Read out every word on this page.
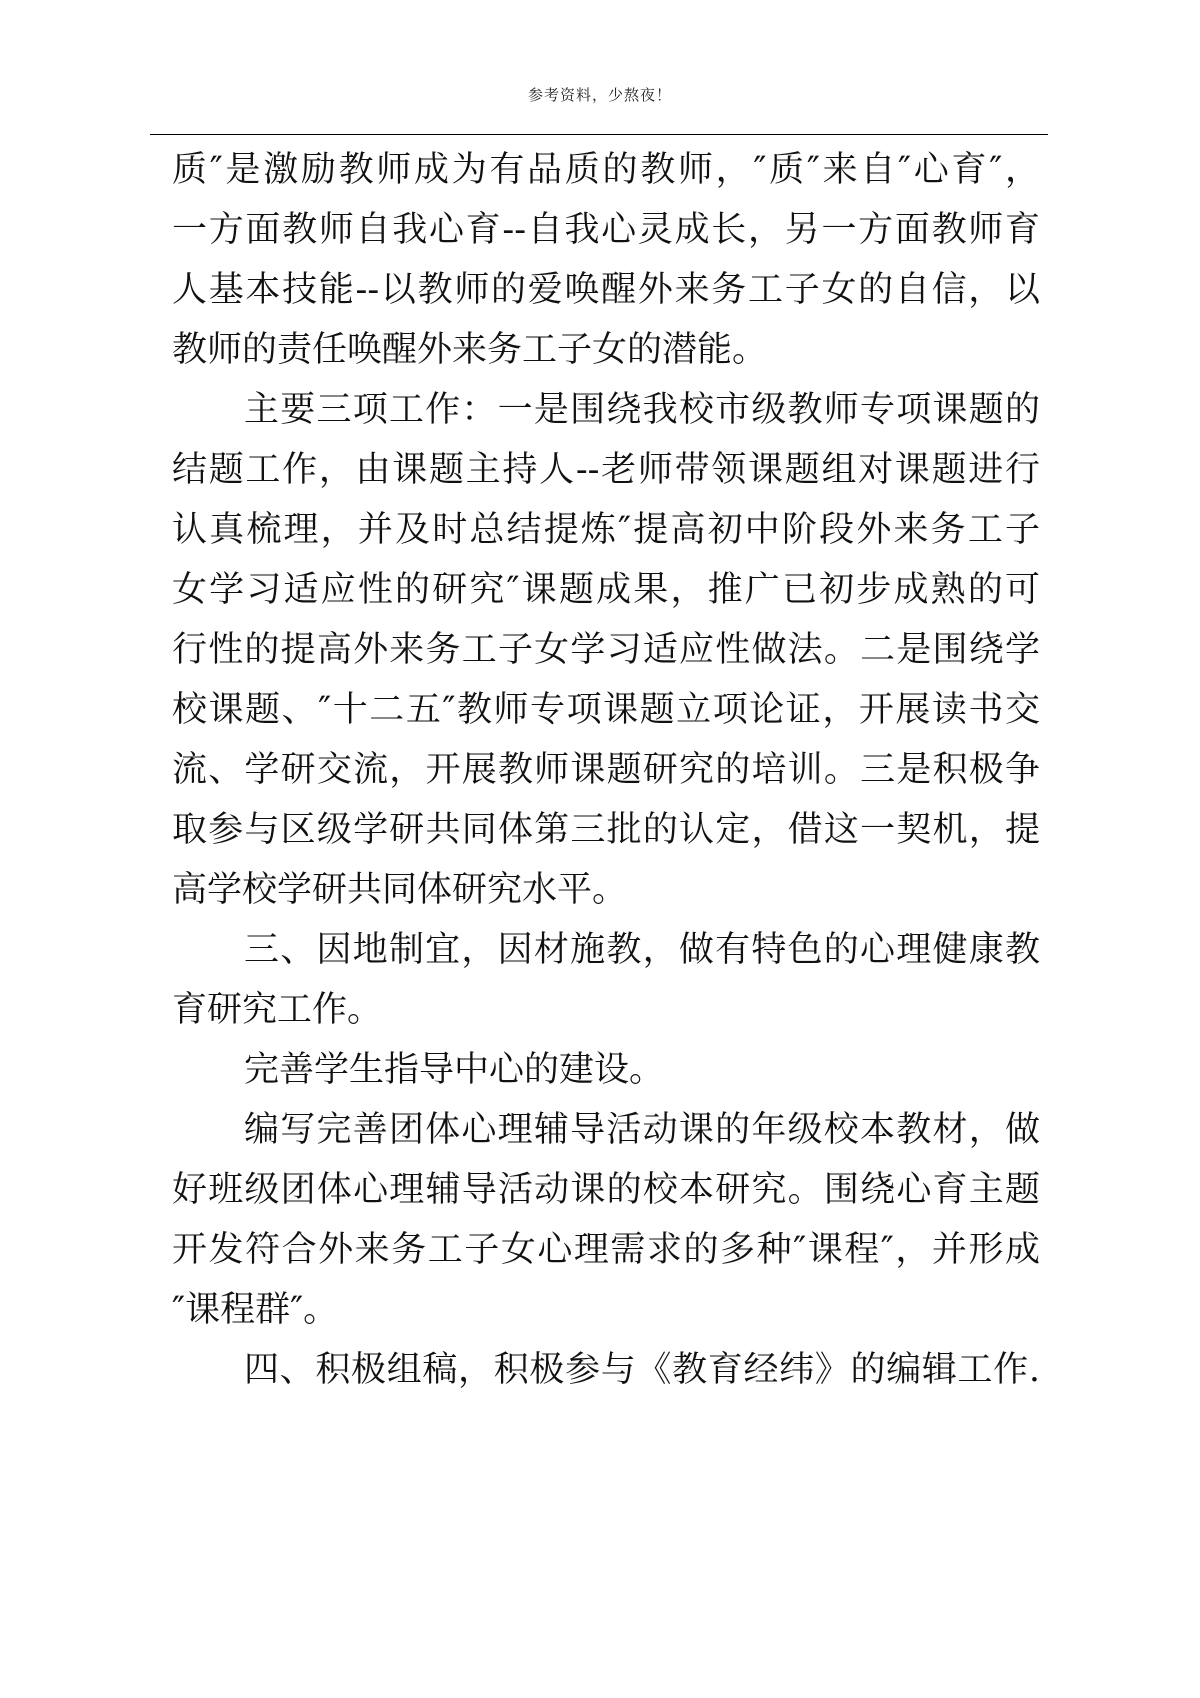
参考资料，少熬夜！
质″是激励教师成为有品质的教师，″质″来自″心育″，
一方面教师自我心育--自我心灵成长，另一方面教师育
人基本技能--以教师的爱唤醒外来务工子女的自信，以
教师的责任唤醒外来务工子女的潜能。
主要三项工作：一是围绕我校市级教师专项课题的
结题工作，由课题主持人--老师带领课题组对课题进行
认真梳理，并及时总结提炼″提高初中阶段外来务工子
女学习适应性的研究″课题成果，推广已初步成熟的可
行性的提高外来务工子女学习适应性做法。二是围绕学
校课题、″十二五″教师专项课题立项论证，开展读书交
流、学研交流，开展教师课题研究的培训。三是积极争
取参与区级学研共同体第三批的认定，借这一契机，提
高学校学研共同体研究水平。
三、因地制宜，因材施教，做有特色的心理健康教
育研究工作。
完善学生指导中心的建设。
编写完善团体心理辅导活动课的年级校本教材，做
好班级团体心理辅导活动课的校本研究。围绕心育主题
开发符合外来务工子女心理需求的多种″课程″，并形成
″课程群″。
四、积极组稿，积极参与《教育经纬》的编辑工作.
